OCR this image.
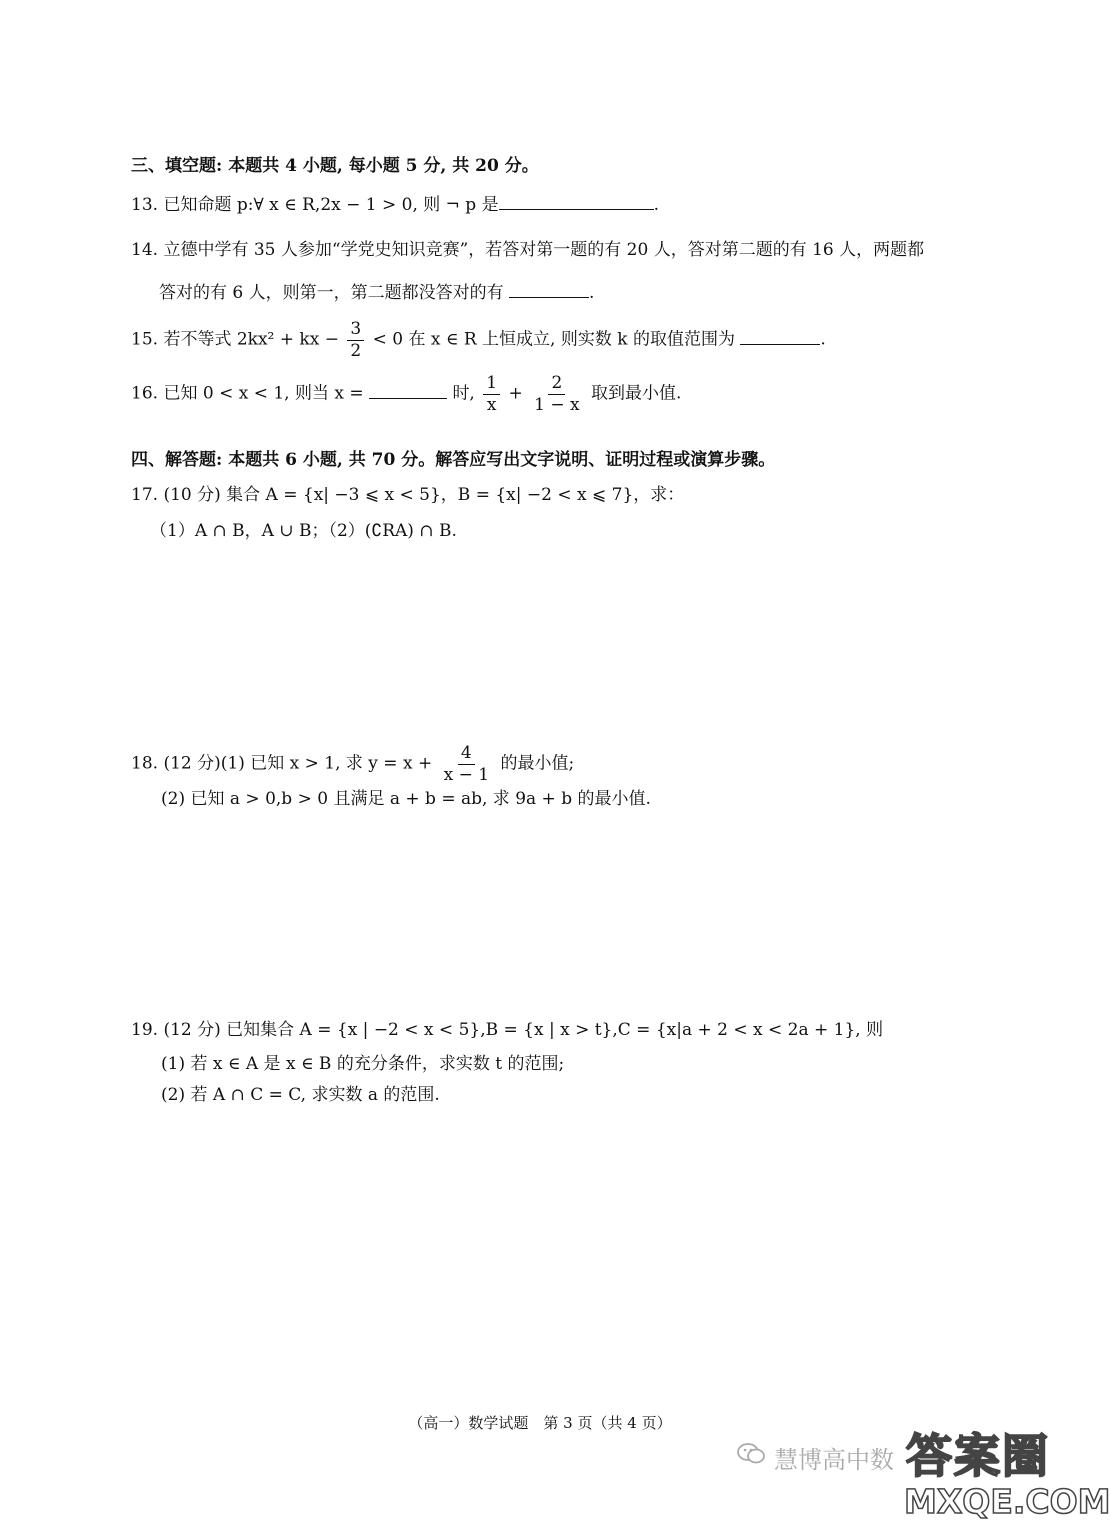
三、填空题: 本题共 4 小题, 每小题 5 分, 共 20 分。
13. 已知命题 p:∀ x ∈ R,2x − 1 > 0, 则 ¬ p 是	.
14. 立德中学有 35 人参加“学党史知识竞赛”，若答对第一题的有 20 人，答对第二题的有 16 人，两题都
答对的有 6 人，则第一，第二题都没答对的有	.
15. 若不等式 2kx² + kx − $\frac{3}{2} < 0$ 在 x ∈ R 上恒成立, 则实数 k 的取值范围为	.
16. 已知 0 < x < 1, 则当 x =	时, $\frac{1}{x} + \frac{2}{1 - x}$ 取到最小值.
四、解答题: 本题共 6 小题, 共 70 分。解答应写出文字说明、证明过程或演算步骤。
17. (10 分) 集合 A = {x| −3 ⩽ x < 5}，B = {x| −2 < x ⩽ 7}，求：
（1）A ∩ B，A ∪ B；（2）(∁RA) ∩ B.
18. (12 分)(1) 已知 x > 1, 求 $y = x + \frac{4}{x - 1}$ 的最小值;
(2) 已知 a > 0,b > 0 且满足 a + b = ab, 求 9a + b 的最小值.
19. (12 分) 已知集合 A = {x | −2 < x < 5},B = {x | x > t},C = {x|a + 2 < x < 2a + 1}, 则
(1) 若 x ∈ A 是 x ∈ B 的充分条件，求实数 t 的范围;
(2) 若 A ∩ C = C, 求实数 a 的范围.
（高一）数学试题　第 3 页（共 4 页）
慧博高中数 答案圈
MXQE.COM
